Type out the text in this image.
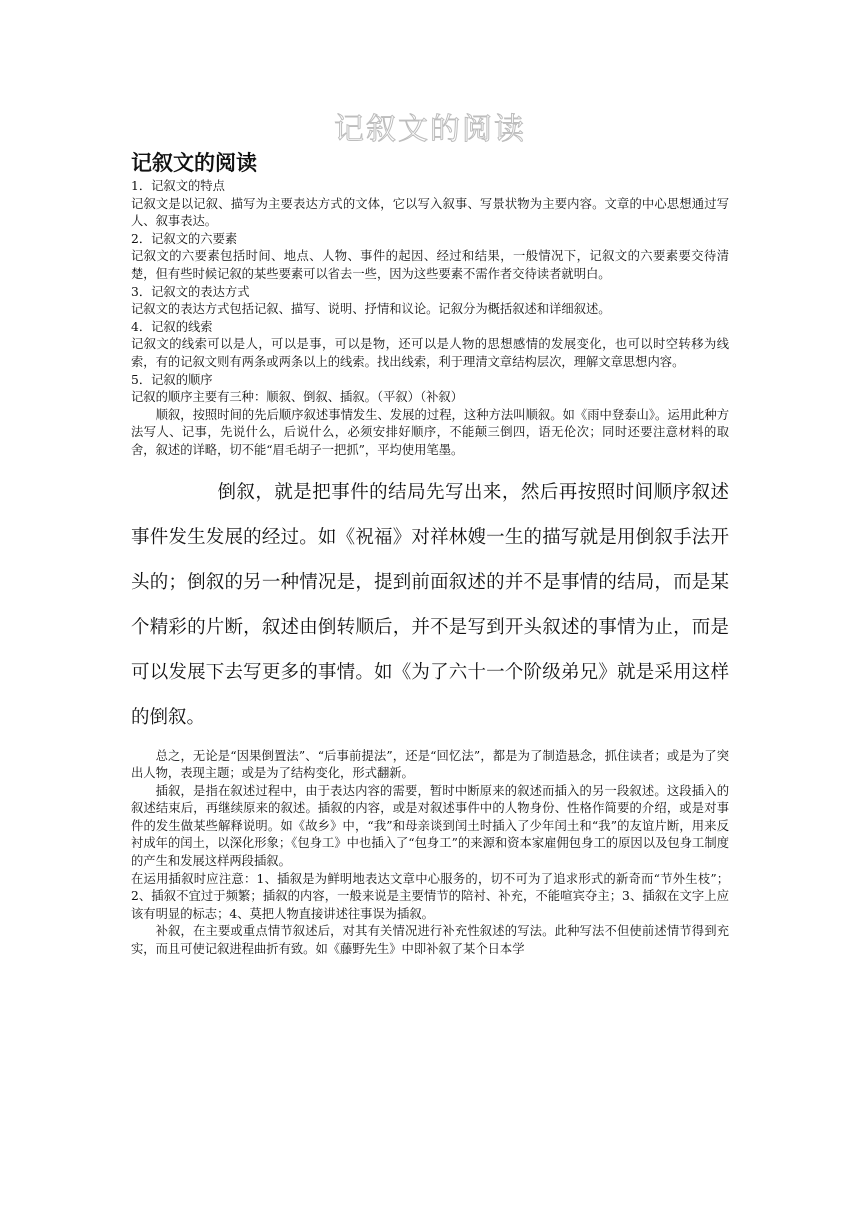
记叙文的阅读
记叙文的阅读
1．记叙文的特点
记叙文是以记叙、描写为主要表达方式的文体，它以写入叙事、写景状物为主要内容。文章的中心思想通过写人、叙事表达。
2．记叙文的六要素
记叙文的六要素包括时间、地点、人物、事件的起因、经过和结果，一般情况下，记叙文的六要素要交待清楚，但有些时候记叙的某些要素可以省去一些，因为这些要素不需作者交待读者就明白。
3．记叙文的表达方式
记叙文的表达方式包括记叙、描写、说明、抒情和议论。记叙分为概括叙述和详细叙述。
4．记叙的线索
记叙文的线索可以是人，可以是事，可以是物，还可以是人物的思想感情的发展变化，也可以时空转移为线索，有的记叙文则有两条或两条以上的线索。找出线索，利于理清文章结构层次，理解文章思想内容。
5．记叙的顺序
记叙的顺序主要有三种：顺叙、倒叙、插叙。（平叙）（补叙）
顺叙，按照时间的先后顺序叙述事情发生、发展的过程，这种方法叫顺叙。如《雨中登泰山》。运用此种方法写人、记事，先说什么，后说什么，必须安排好顺序，不能颠三倒四，语无伦次；同时还要注意材料的取舍，叙述的详略，切不能“眉毛胡子一把抓”，平均使用笔墨。
倒叙，就是把事件的结局先写出来，然后再按照时间顺序叙述事件发生发展的经过。如《祝福》对祥林嫂一生的描写就是用倒叙手法开头的；倒叙的另一种情况是，提到前面叙述的并不是事情的结局，而是某个精彩的片断，叙述由倒转顺后，并不是写到开头叙述的事情为止，而是可以发展下去写更多的事情。如《为了六十一个阶级弟兄》就是采用这样的倒叙。
总之，无论是“因果倒置法”、“后事前提法”，还是“回忆法”，都是为了制造悬念，抓住读者；或是为了突出人物，表现主题；或是为了结构变化，形式翻新。
插叙，是指在叙述过程中，由于表达内容的需要，暂时中断原来的叙述而插入的另一段叙述。这段插入的叙述结束后，再继续原来的叙述。插叙的内容，或是对叙述事件中的人物身份、性格作简要的介绍，或是对事件的发生做某些解释说明。如《故乡》中，“我”和母亲谈到闰土时插入了少年闰土和“我”的友谊片断，用来反衬成年的闰土，以深化形象；《包身工》中也插入了“包身工”的来源和资本家雇佣包身工的原因以及包身工制度的产生和发展这样两段插叙。
在运用插叙时应注意：1、插叙是为鲜明地表达文章中心服务的，切不可为了追求形式的新奇而“节外生枝”；2、插叙不宜过于频繁；插叙的内容，一般来说是主要情节的陪衬、补充，不能喧宾夺主；3、插叙在文字上应该有明显的标志；4、莫把人物直接讲述往事误为插叙。
补叙，在主要或重点情节叙述后，对其有关情况进行补充性叙述的写法。此种写法不但使前述情节得到充实，而且可使记叙进程曲折有致。如《藤野先生》中即补叙了某个日本学
